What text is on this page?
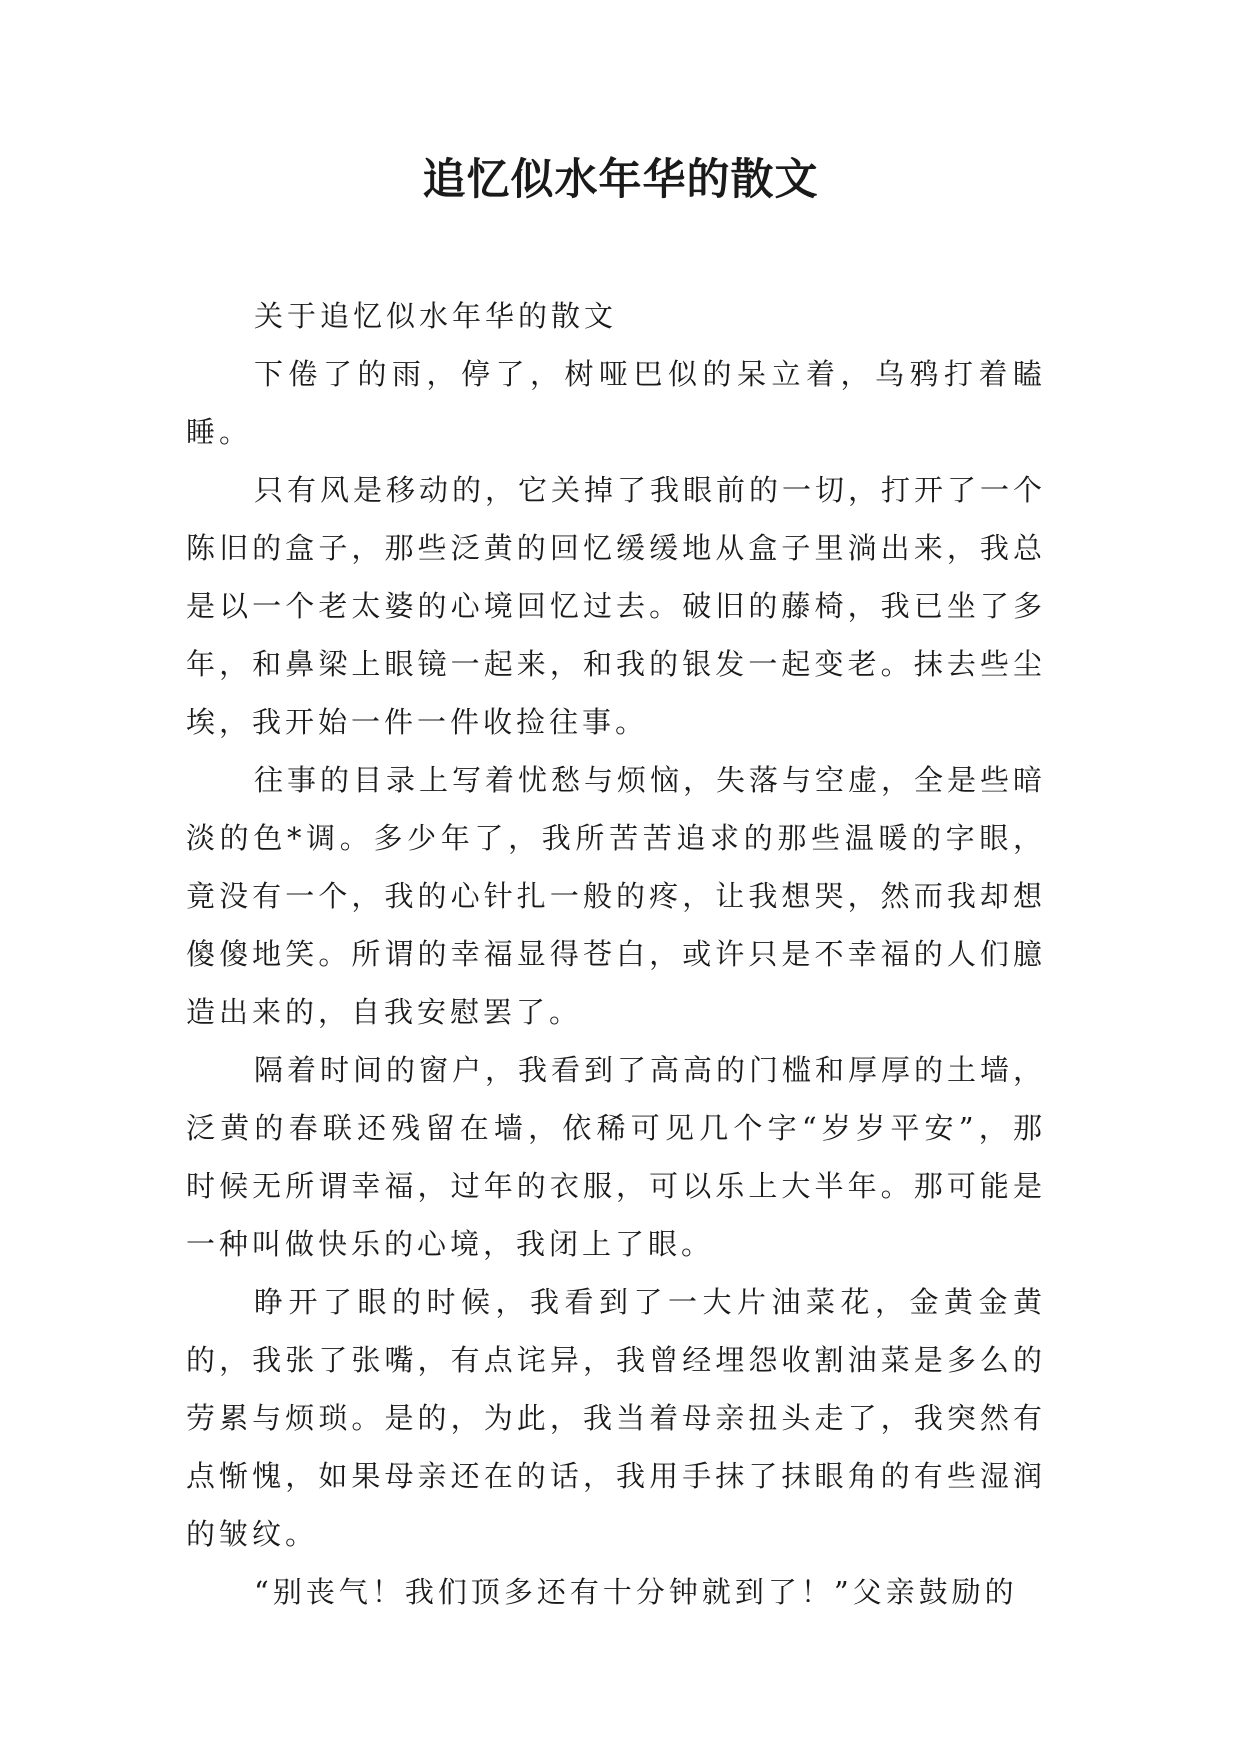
追忆似水年华的散文

关于追忆似水年华的散文

下倦了的雨，停了，树哑巴似的呆立着，乌鸦打着瞌睡。

只有风是移动的，它关掉了我眼前的一切，打开了一个陈旧的盒子，那些泛黄的回忆缓缓地从盒子里淌出来，我总是以一个老太婆的心境回忆过去。破旧的藤椅，我已坐了多年，和鼻梁上眼镜一起来，和我的银发一起变老。抹去些尘埃，我开始一件一件收捡往事。

往事的目录上写着忧愁与烦恼，失落与空虚，全是些暗淡的色*调。多少年了，我所苦苦追求的那些温暖的字眼，竟没有一个，我的心针扎一般的疼，让我想哭，然而我却想傻傻地笑。所谓的幸福显得苍白，或许只是不幸福的人们臆造出来的，自我安慰罢了。

隔着时间的窗户，我看到了高高的门槛和厚厚的土墙，泛黄的春联还残留在墙，依稀可见几个字“岁岁平安”，那时候无所谓幸福，过年的衣服，可以乐上大半年。那可能是一种叫做快乐的心境，我闭上了眼。

睁开了眼的时候，我看到了一大片油菜花，金黄金黄的，我张了张嘴，有点诧异，我曾经埋怨收割油菜是多么的劳累与烦琐。是的，为此，我当着母亲扭头走了，我突然有点惭愧，如果母亲还在的话，我用手抹了抹眼角的有些湿润的皱纹。

“别丧气！我们顶多还有十分钟就到了！”父亲鼓励的
